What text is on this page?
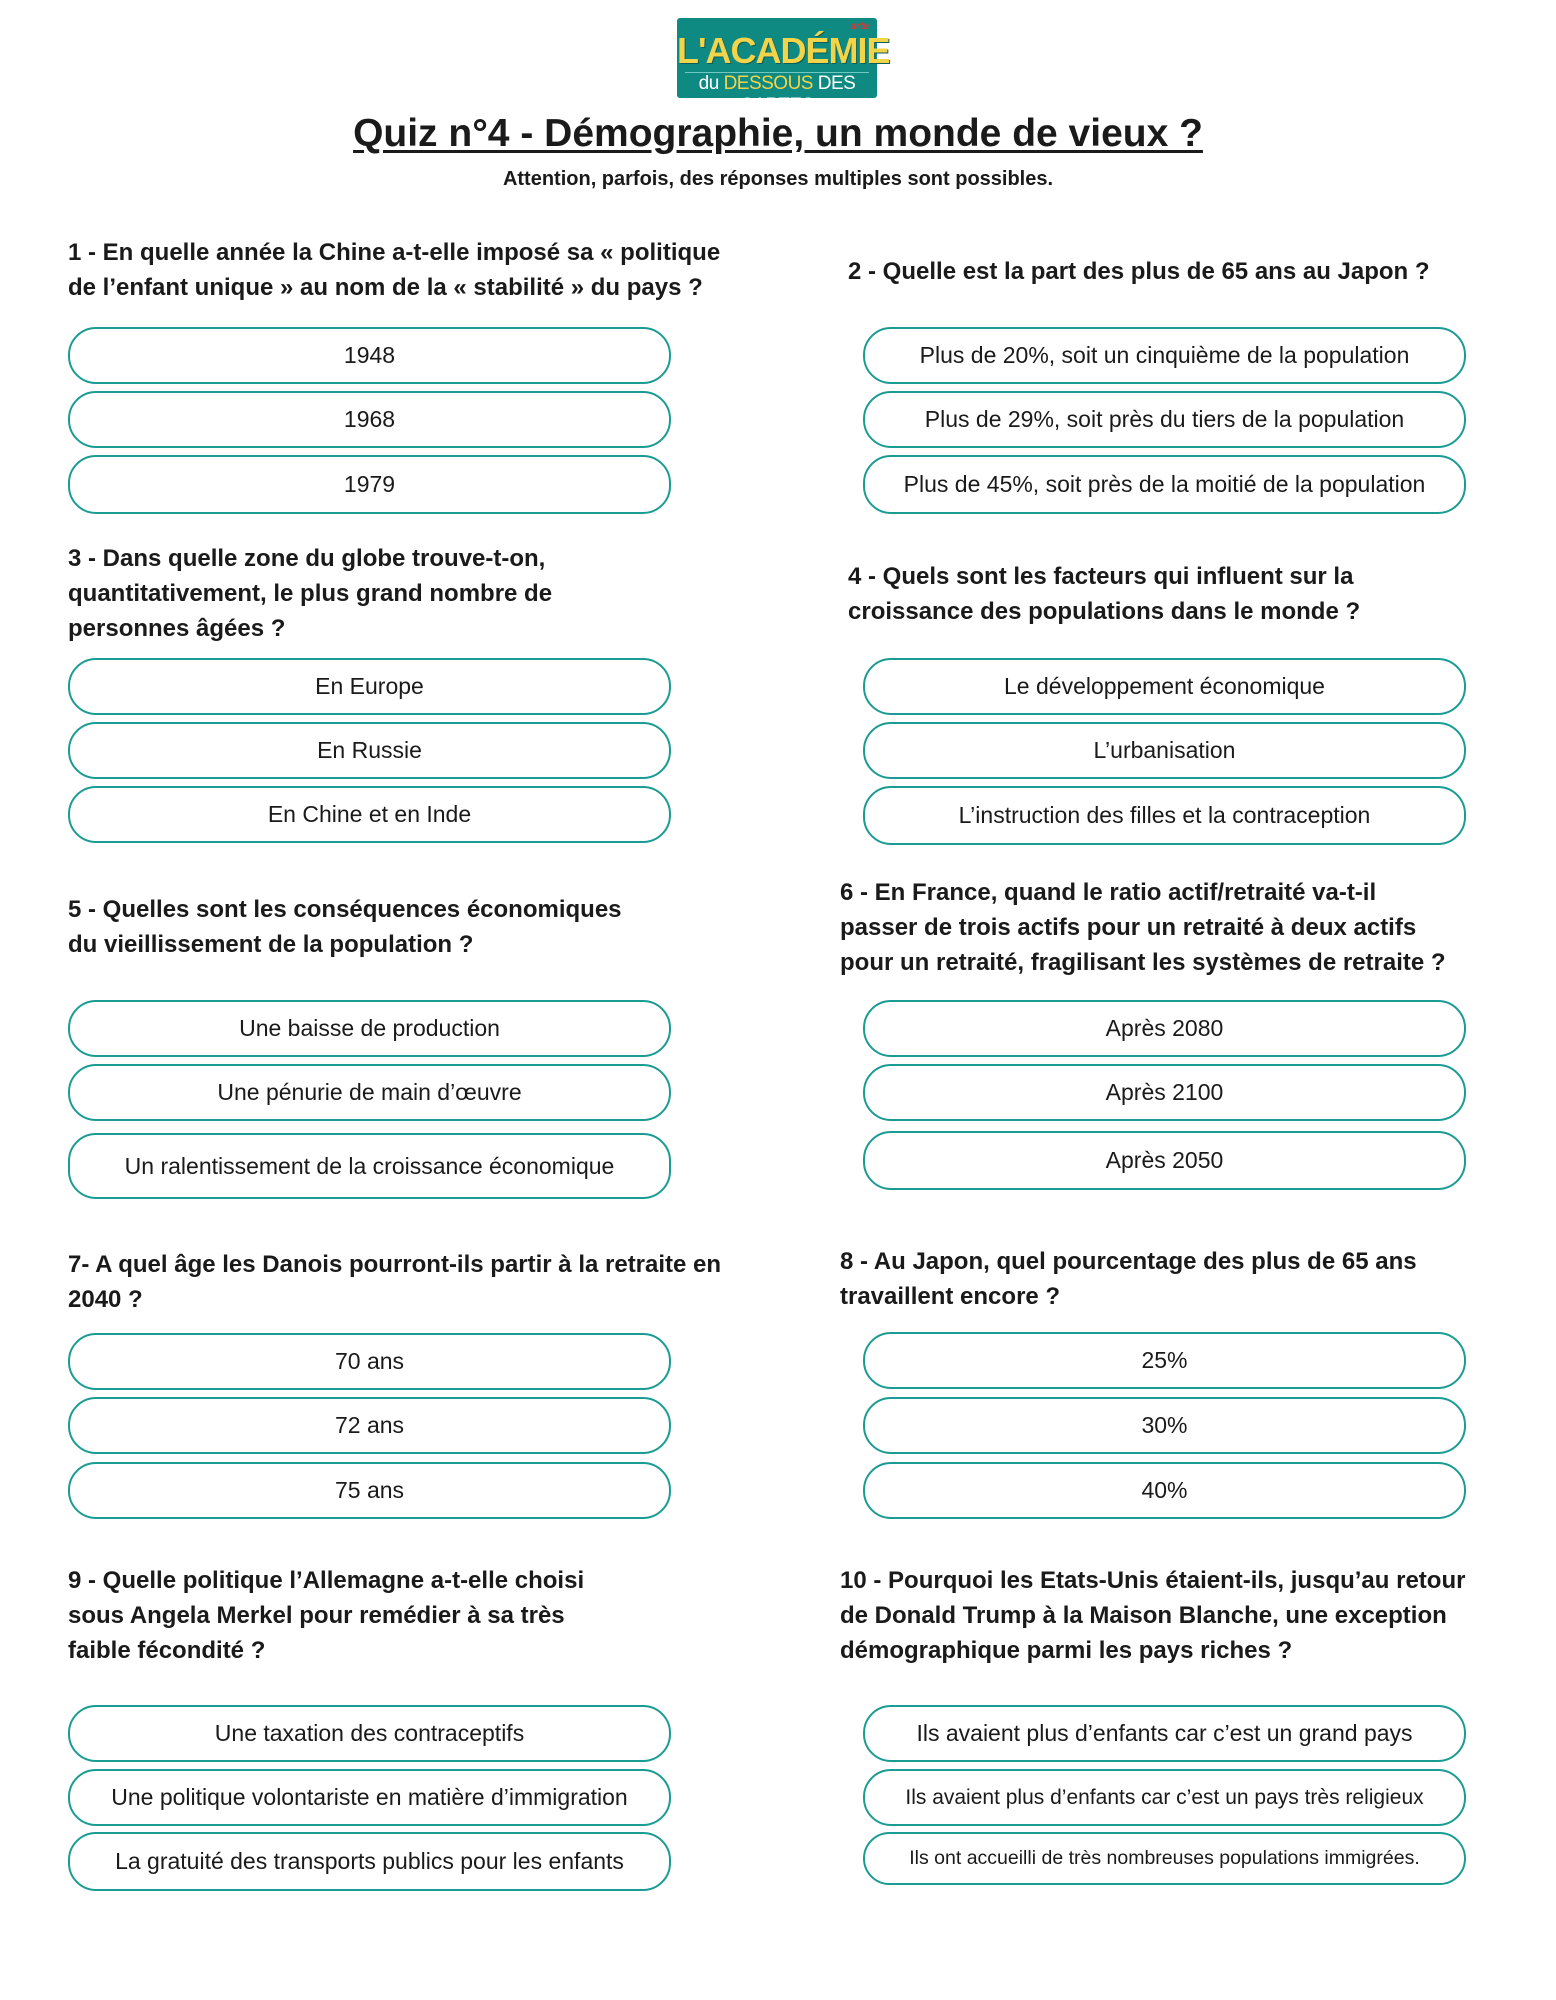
arte
L'ACADÉMIE
du DESSOUS DES CARTES
Quiz n°4 - Démographie, un monde de vieux ?
Attention, parfois, des réponses multiples sont possibles.
1 - En quelle année la Chine a-t-elle imposé sa « politique
de l’enfant unique » au nom de la « stabilité » du pays ?
1948
1968
1979
2 - Quelle est la part des plus de 65 ans au Japon ?
Plus de 20%, soit un cinquième de la population
Plus de 29%, soit près du tiers de la population
Plus de 45%, soit près de la moitié de la population
3 - Dans quelle zone du globe trouve-t-on,
quantitativement, le plus grand nombre de
personnes âgées ?
En Europe
En Russie
En Chine et en Inde
4 - Quels sont les facteurs qui influent sur la
croissance des populations dans le monde ?
Le développement économique
L’urbanisation
L’instruction des filles et la contraception
5 - Quelles sont les conséquences économiques
du vieillissement de la population ?
Une baisse de production
Une pénurie de main d’œuvre
Un ralentissement de la croissance économique
6 - En France, quand le ratio actif/retraité va-t-il
passer de trois actifs pour un retraité à deux actifs
pour un retraité, fragilisant les systèmes de retraite ?
Après 2080
Après 2100
Après 2050
7- A quel âge les Danois pourront-ils partir à la retraite en
2040 ?
70 ans
72 ans
75 ans
8 - Au Japon, quel pourcentage des plus de 65 ans
travaillent encore ?
25%
30%
40%
9 - Quelle politique l’Allemagne a-t-elle choisi
sous Angela Merkel pour remédier à sa très
faible fécondité ?
Une taxation des contraceptifs
Une politique volontariste en matière d’immigration
La gratuité des transports publics pour les enfants
10 - Pourquoi les Etats-Unis étaient-ils, jusqu’au retour
de Donald Trump à la Maison Blanche, une exception
démographique parmi les pays riches ?
Ils avaient plus d’enfants car c’est un grand pays
Ils avaient plus d’enfants car c’est un pays très religieux
Ils ont accueilli de très nombreuses populations immigrées.
